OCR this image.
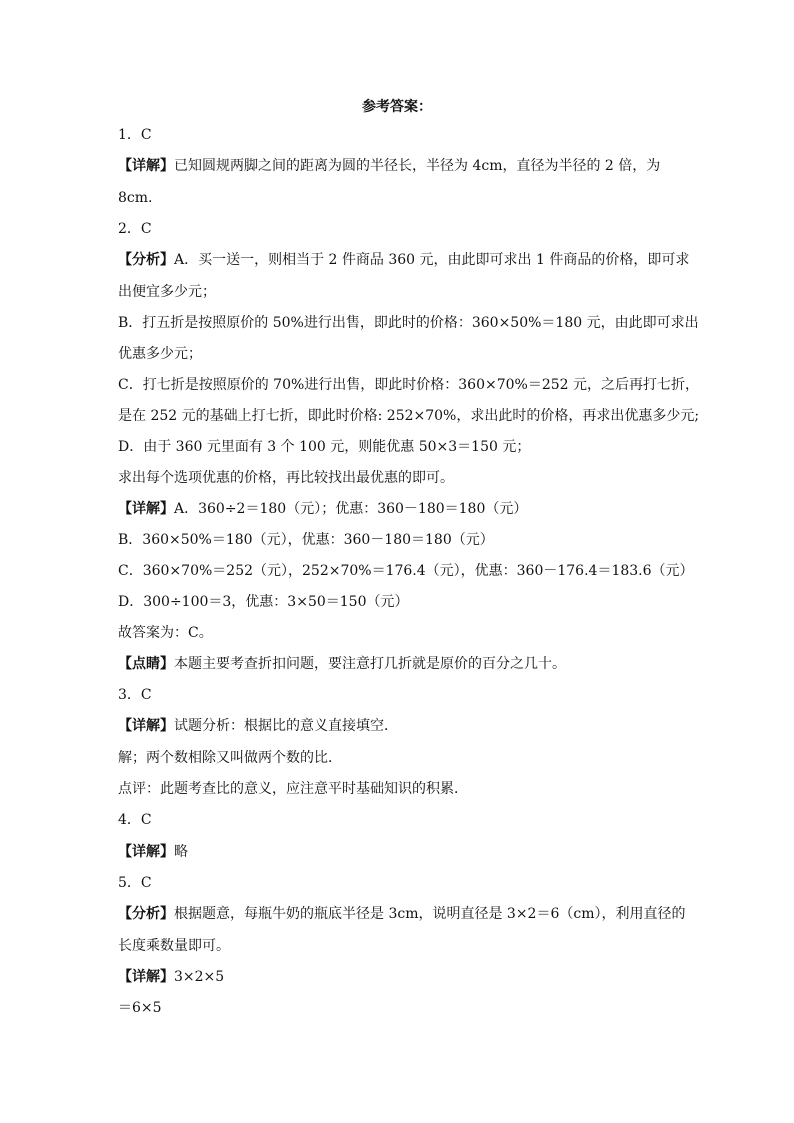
参考答案：
1．C
【详解】已知圆规两脚之间的距离为圆的半径长，半径为 4cm，直径为半径的 2 倍，为
8cm.
2．C
【分析】A．买一送一，则相当于 2 件商品 360 元，由此即可求出 1 件商品的价格，即可求
出便宜多少元；
B．打五折是按照原价的 50%进行出售，即此时的价格：360×50%＝180 元，由此即可求出
优惠多少元；
C．打七折是按照原价的 70%进行出售，即此时价格：360×70%＝252 元，之后再打七折，
是在 252 元的基础上打七折，即此时价格: 252×70%，求出此时的价格，再求出优惠多少元;
D．由于 360 元里面有 3 个 100 元，则能优惠 50×3＝150 元；
求出每个选项优惠的价格，再比较找出最优惠的即可。
【详解】A．360÷2＝180（元）；优惠：360－180＝180（元）
B．360×50%＝180（元），优惠：360－180＝180（元）
C．360×70%＝252（元），252×70%＝176.4（元），优惠：360－176.4＝183.6（元）
D．300÷100＝3，优惠：3×50＝150（元）
故答案为：C。
【点睛】本题主要考查折扣问题，要注意打几折就是原价的百分之几十。
3．C
【详解】试题分析：根据比的意义直接填空．
解；两个数相除又叫做两个数的比．
点评：此题考查比的意义，应注意平时基础知识的积累．
4．C
【详解】略
5．C
【分析】根据题意，每瓶牛奶的瓶底半径是 3cm，说明直径是 3×2＝6（cm），利用直径的
长度乘数量即可。
【详解】3×2×5
＝6×5
